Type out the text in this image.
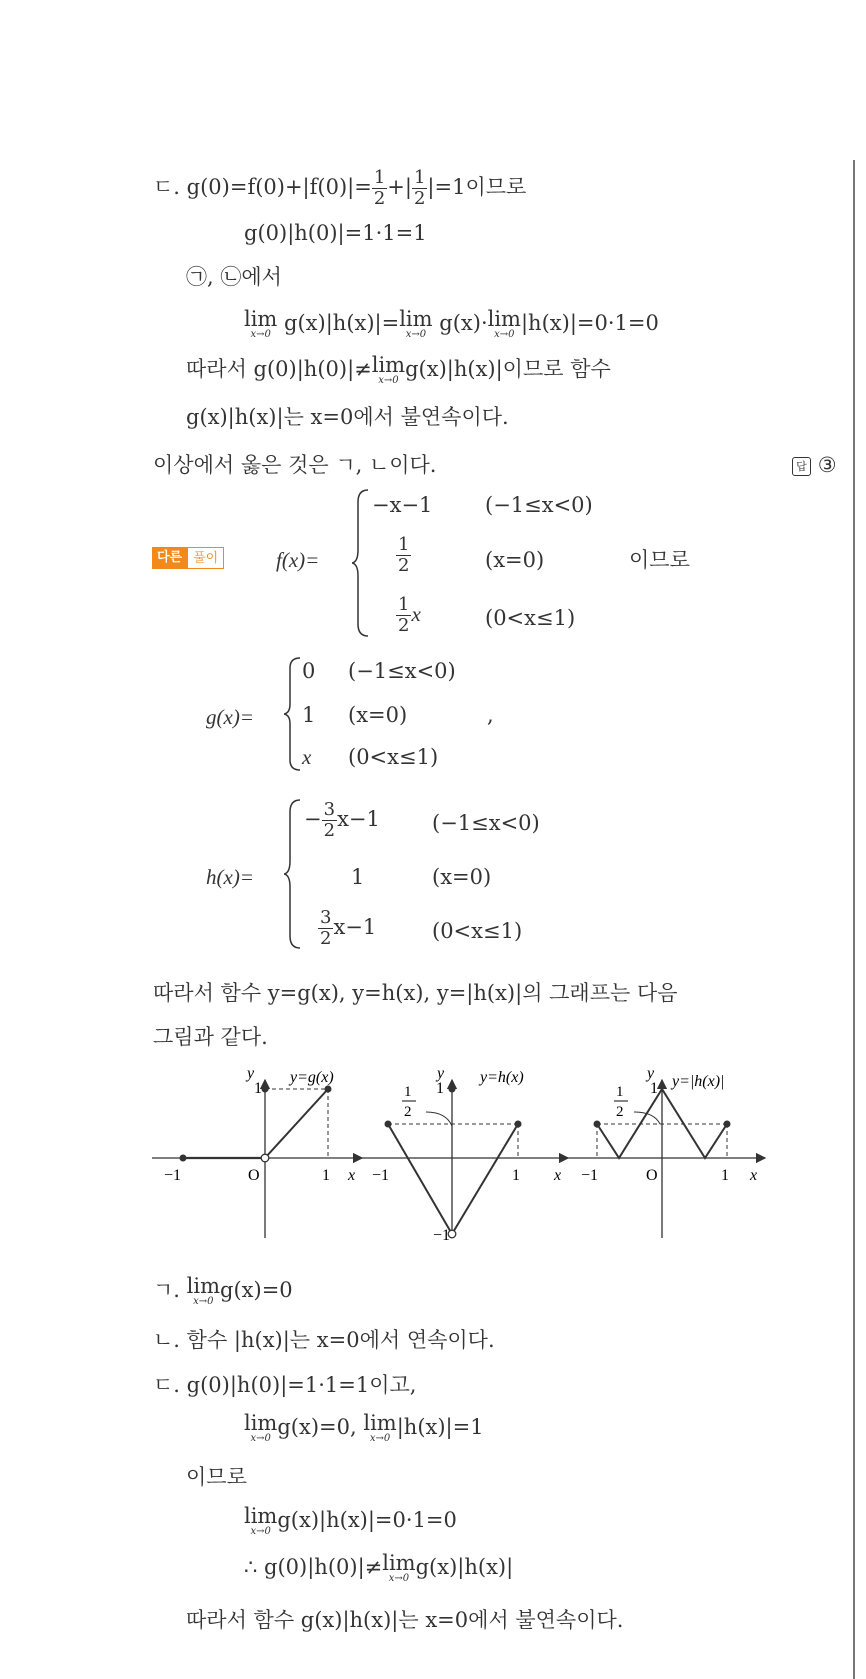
ㄷ. $g(0)=f(0)+|f(0)|= \frac{1}{2}$ +| $\frac{1}{2} |=1$이므로
g(0)|h(0)|=1·1=1
㉠, ㉡에서
lim
x→0 g(x)|h(x)|=lim
x→0 g(x)·lim
x→0 |h(x)|=0·1=0
따라서 g(0)|h(0)|≠lim
x→0 g(x)|h(x)|이므로 함수
g(x)|h(x)|는 x=0에서 불연속이다.
이상에서 옳은 것은 ㄱ, ㄴ이다.	답 ③
다른 풀이	f(x)=
−x−1	(−1≤x<0)
$\frac{1}{2}$	(x=0)
$\frac{1}{2}$ x	(0<x≤1)
이므로
g(x)=
0 (−1≤x<0)
1 (x=0)
x (0<x≤1)
,
h(x)=
− $\frac{3}{2} x-1$ (−1≤x<0)
1	(x=0)
$\frac{3}{2} x-1$	(0<x≤1)
따라서 함수 y=g(x), y=h(x), y=|h(x)|의 그래프는 다음
그림과 같다.
y
x
1
−1	O	1
y=g(x)	y
x
1
1
2
−1	1
−1
y=h(x)	y
x
1
1
2
−1	O	1
y=|h(x)|
ㄱ. lim
x→0 g(x)=0
ㄴ. 함수 |h(x)|는 x=0에서 연속이다.
ㄷ. g(0)|h(0)|=1·1=1이고,
lim
x→0 g(x)=0, lim
x→0 |h(x)|=1
이므로
lim
x→0 g(x)|h(x)|=0·1=0
∴ g(0)|h(0)|≠lim
x→0 g(x)|h(x)|
따라서 함수 g(x)|h(x)|는 x=0에서 불연속이다.
